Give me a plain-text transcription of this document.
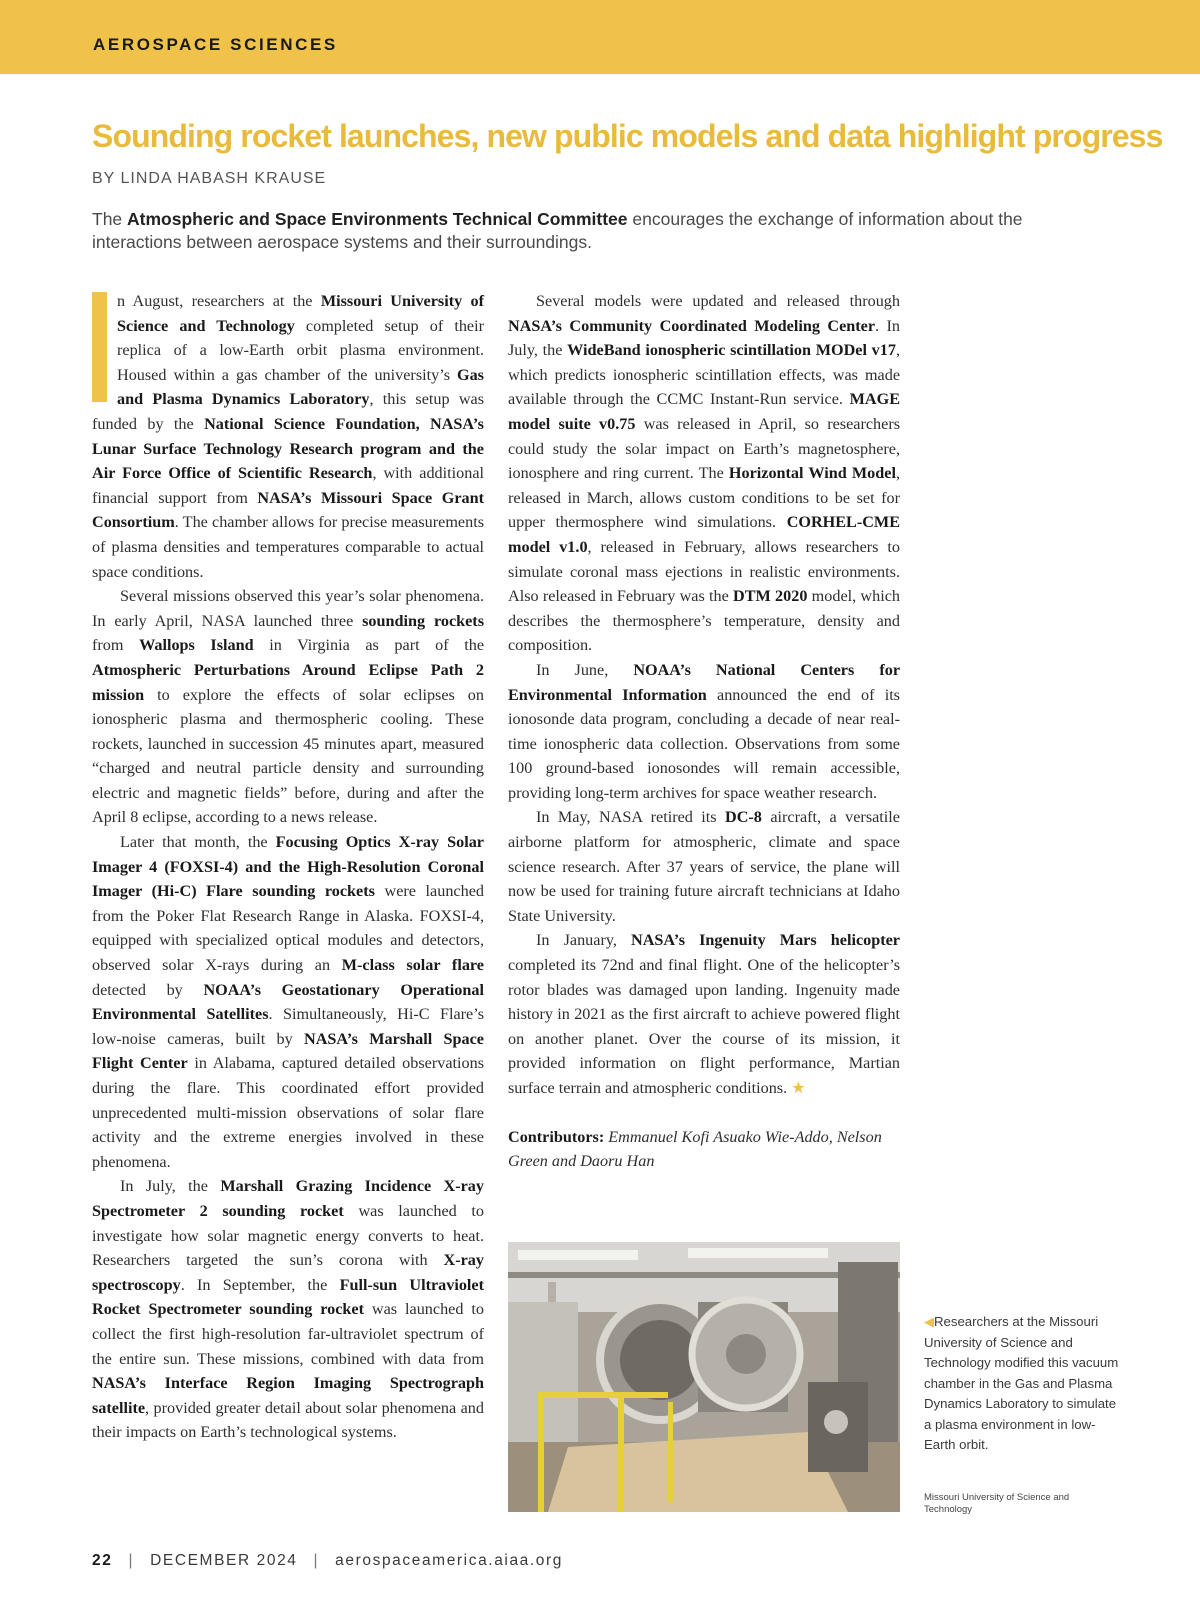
AEROSPACE SCIENCES
Sounding rocket launches, new public models and data highlight progress
BY LINDA HABASH KRAUSE
The Atmospheric and Space Environments Technical Committee encourages the exchange of information about the interactions between aerospace systems and their surroundings.

n August, researchers at the Missouri University of Science and Technology completed setup of their replica of a low-Earth orbit plasma environment. Housed within a gas chamber of the university’s Gas and Plasma Dynamics Laboratory, this setup was funded by the National Science Foundation, NASA’s Lunar Surface Technology Research program and the Air Force Office of Scientific Research, with additional financial support from NASA’s Missouri Space Grant Consortium. The chamber allows for precise measurements of plasma densities and temperatures comparable to actual space conditions.

Several missions observed this year’s solar phenomena. In early April, NASA launched three sounding rockets from Wallops Island in Virginia as part of the Atmospheric Perturbations Around Eclipse Path 2 mission to explore the effects of solar eclipses on ionospheric plasma and thermospheric cooling. These rockets, launched in succession 45 minutes apart, measured “charged and neutral particle density and surrounding electric and magnetic fields” before, during and after the April 8 eclipse, according to a news release.

Later that month, the Focusing Optics X-ray Solar Imager 4 (FOXSI-4) and the High-Resolution Coronal Imager (Hi-C) Flare sounding rockets were launched from the Poker Flat Research Range in Alaska. FOXSI-4, equipped with specialized optical modules and detectors, observed solar X-rays during an M-class solar flare detected by NOAA’s Geostationary Operational Environmental Satellites. Simultaneously, Hi-C Flare’s low-noise cameras, built by NASA’s Marshall Space Flight Center in Alabama, captured detailed observations during the flare. This coordinated effort provided unprecedented multi-mission observations of solar flare activity and the extreme energies involved in these phenomena.

In July, the Marshall Grazing Incidence X-ray Spectrometer 2 sounding rocket was launched to investigate how solar magnetic energy converts to heat. Researchers targeted the sun’s corona with X-ray spectroscopy. In September, the Full-sun Ultraviolet Rocket Spectrometer sounding rocket was launched to collect the first high-resolution far-ultraviolet spectrum of the entire sun. These missions, combined with data from NASA’s Interface Region Imaging Spectrograph satellite, provided greater detail about solar phenomena and their impacts on Earth’s technological systems.

Several models were updated and released through NASA’s Community Coordinated Modeling Center. In July, the WideBand ionospheric scintillation MODel v17, which predicts ionospheric scintillation effects, was made available through the CCMC Instant-Run service. MAGE model suite v0.75 was released in April, so researchers could study the solar impact on Earth’s magnetosphere, ionosphere and ring current. The Horizontal Wind Model, released in March, allows custom conditions to be set for upper thermosphere wind simulations. CORHEL-CME model v1.0, released in February, allows researchers to simulate coronal mass ejections in realistic environments. Also released in February was the DTM 2020 model, which describes the thermosphere’s temperature, density and composition.

In June, NOAA’s National Centers for Environmental Information announced the end of its ionosonde data program, concluding a decade of near real-time ionospheric data collection. Observations from some 100 ground-based ionosondes will remain accessible, providing long-term archives for space weather research.

In May, NASA retired its DC-8 aircraft, a versatile airborne platform for atmospheric, climate and space science research. After 37 years of service, the plane will now be used for training future aircraft technicians at Idaho State University.

In January, NASA’s Ingenuity Mars helicopter completed its 72nd and final flight. One of the helicopter’s rotor blades was damaged upon landing. Ingenuity made history in 2021 as the first aircraft to achieve powered flight on another planet. Over the course of its mission, it provided information on flight performance, Martian surface terrain and atmospheric conditions. ★

Contributors: Emmanuel Kofi Asuako Wie-Addo, Nelson Green and Daoru Han

◀Researchers at the Missouri University of Science and Technology modified this vacuum chamber in the Gas and Plasma Dynamics Laboratory to simulate a plasma environment in low-Earth orbit.
Missouri University of Science and Technology
22 | DECEMBER 2024 | aerospaceamerica.aiaa.org
